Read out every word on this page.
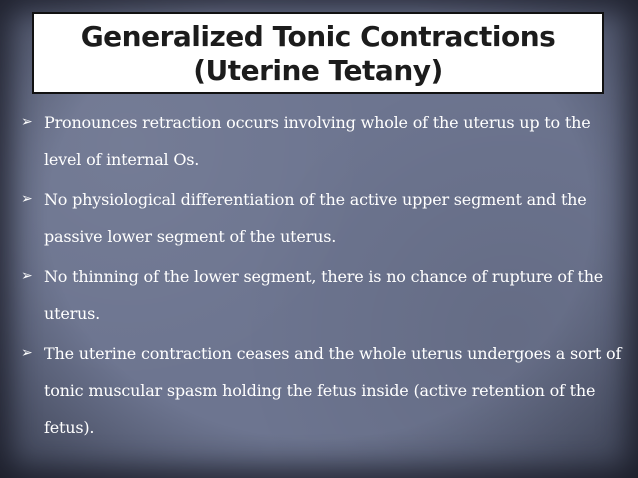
Generalized Tonic Contractions
(Uterine Tetany)
➢ Pronounces retraction occurs involving whole of the uterus up to the level of internal Os.
➢ No physiological differentiation of the active upper segment and the passive lower segment of the uterus.
➢ No thinning of the lower segment, there is no chance of rupture of the uterus.
➢ The uterine contraction ceases and the whole uterus undergoes a sort of tonic muscular spasm holding the fetus inside (active retention of the fetus).
